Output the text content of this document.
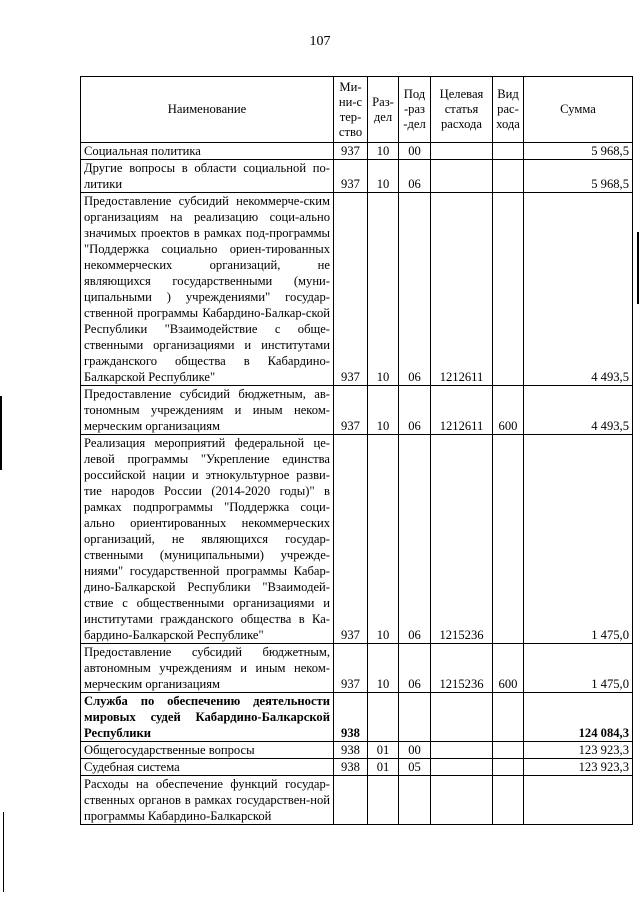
107
Наименование	Ми-ни-стер-ство	Раз-дел	Под-раз-дел	Целевая статья расхода	Вид рас-хода	Сумма
Социальная политика	937	10	00			5 968,5
Другие вопросы в области социальной по-литики	937	10	06			5 968,5
Предоставление субсидий некоммерче-ским организациям на реализацию соци-ально значимых проектов в рамках под-программы "Поддержка социально ориен-тированных некоммерческих организаций, не являющихся государственными (муни-ципальными ) учреждениями" государ-ственной программы Кабардино-Балкар-ской Республики "Взаимодействие с обще-ственными организациями и институтами гражданского общества в Кабардино-Балкарской Республике"	937	10	06	1212611		4 493,5
Предоставление субсидий бюджетным, ав-тономным учреждениям и иным неком-мерческим организациям	937	10	06	1212611	600	4 493,5
Реализация мероприятий федеральной це-левой программы "Укрепление единства российской нации и этнокультурное разви-тие народов России (2014-2020 годы)" в рамках подпрограммы "Поддержка соци-ально ориентированных некоммерческих организаций, не являющихся государ-ственными (муниципальными) учрежде-ниями" государственной программы Кабар-дино-Балкарской Республики "Взаимодей-ствие с общественными организациями и институтами гражданского общества в Ка-бардино-Балкарской Республике"	937	10	06	1215236		1 475,0
Предоставление субсидий бюджетным, автономным учреждениям и иным неком-мерческим организациям	937	10	06	1215236	600	1 475,0
Служба по обеспечению деятельности мировых судей Кабардино-Балкарской Республики	938					124 084,3
Общегосударственные вопросы	938	01	00			123 923,3
Судебная система	938	01	05			123 923,3
Расходы на обеспечение функций государ-ственных органов в рамках государствен-ной программы Кабардино-Балкарской						
